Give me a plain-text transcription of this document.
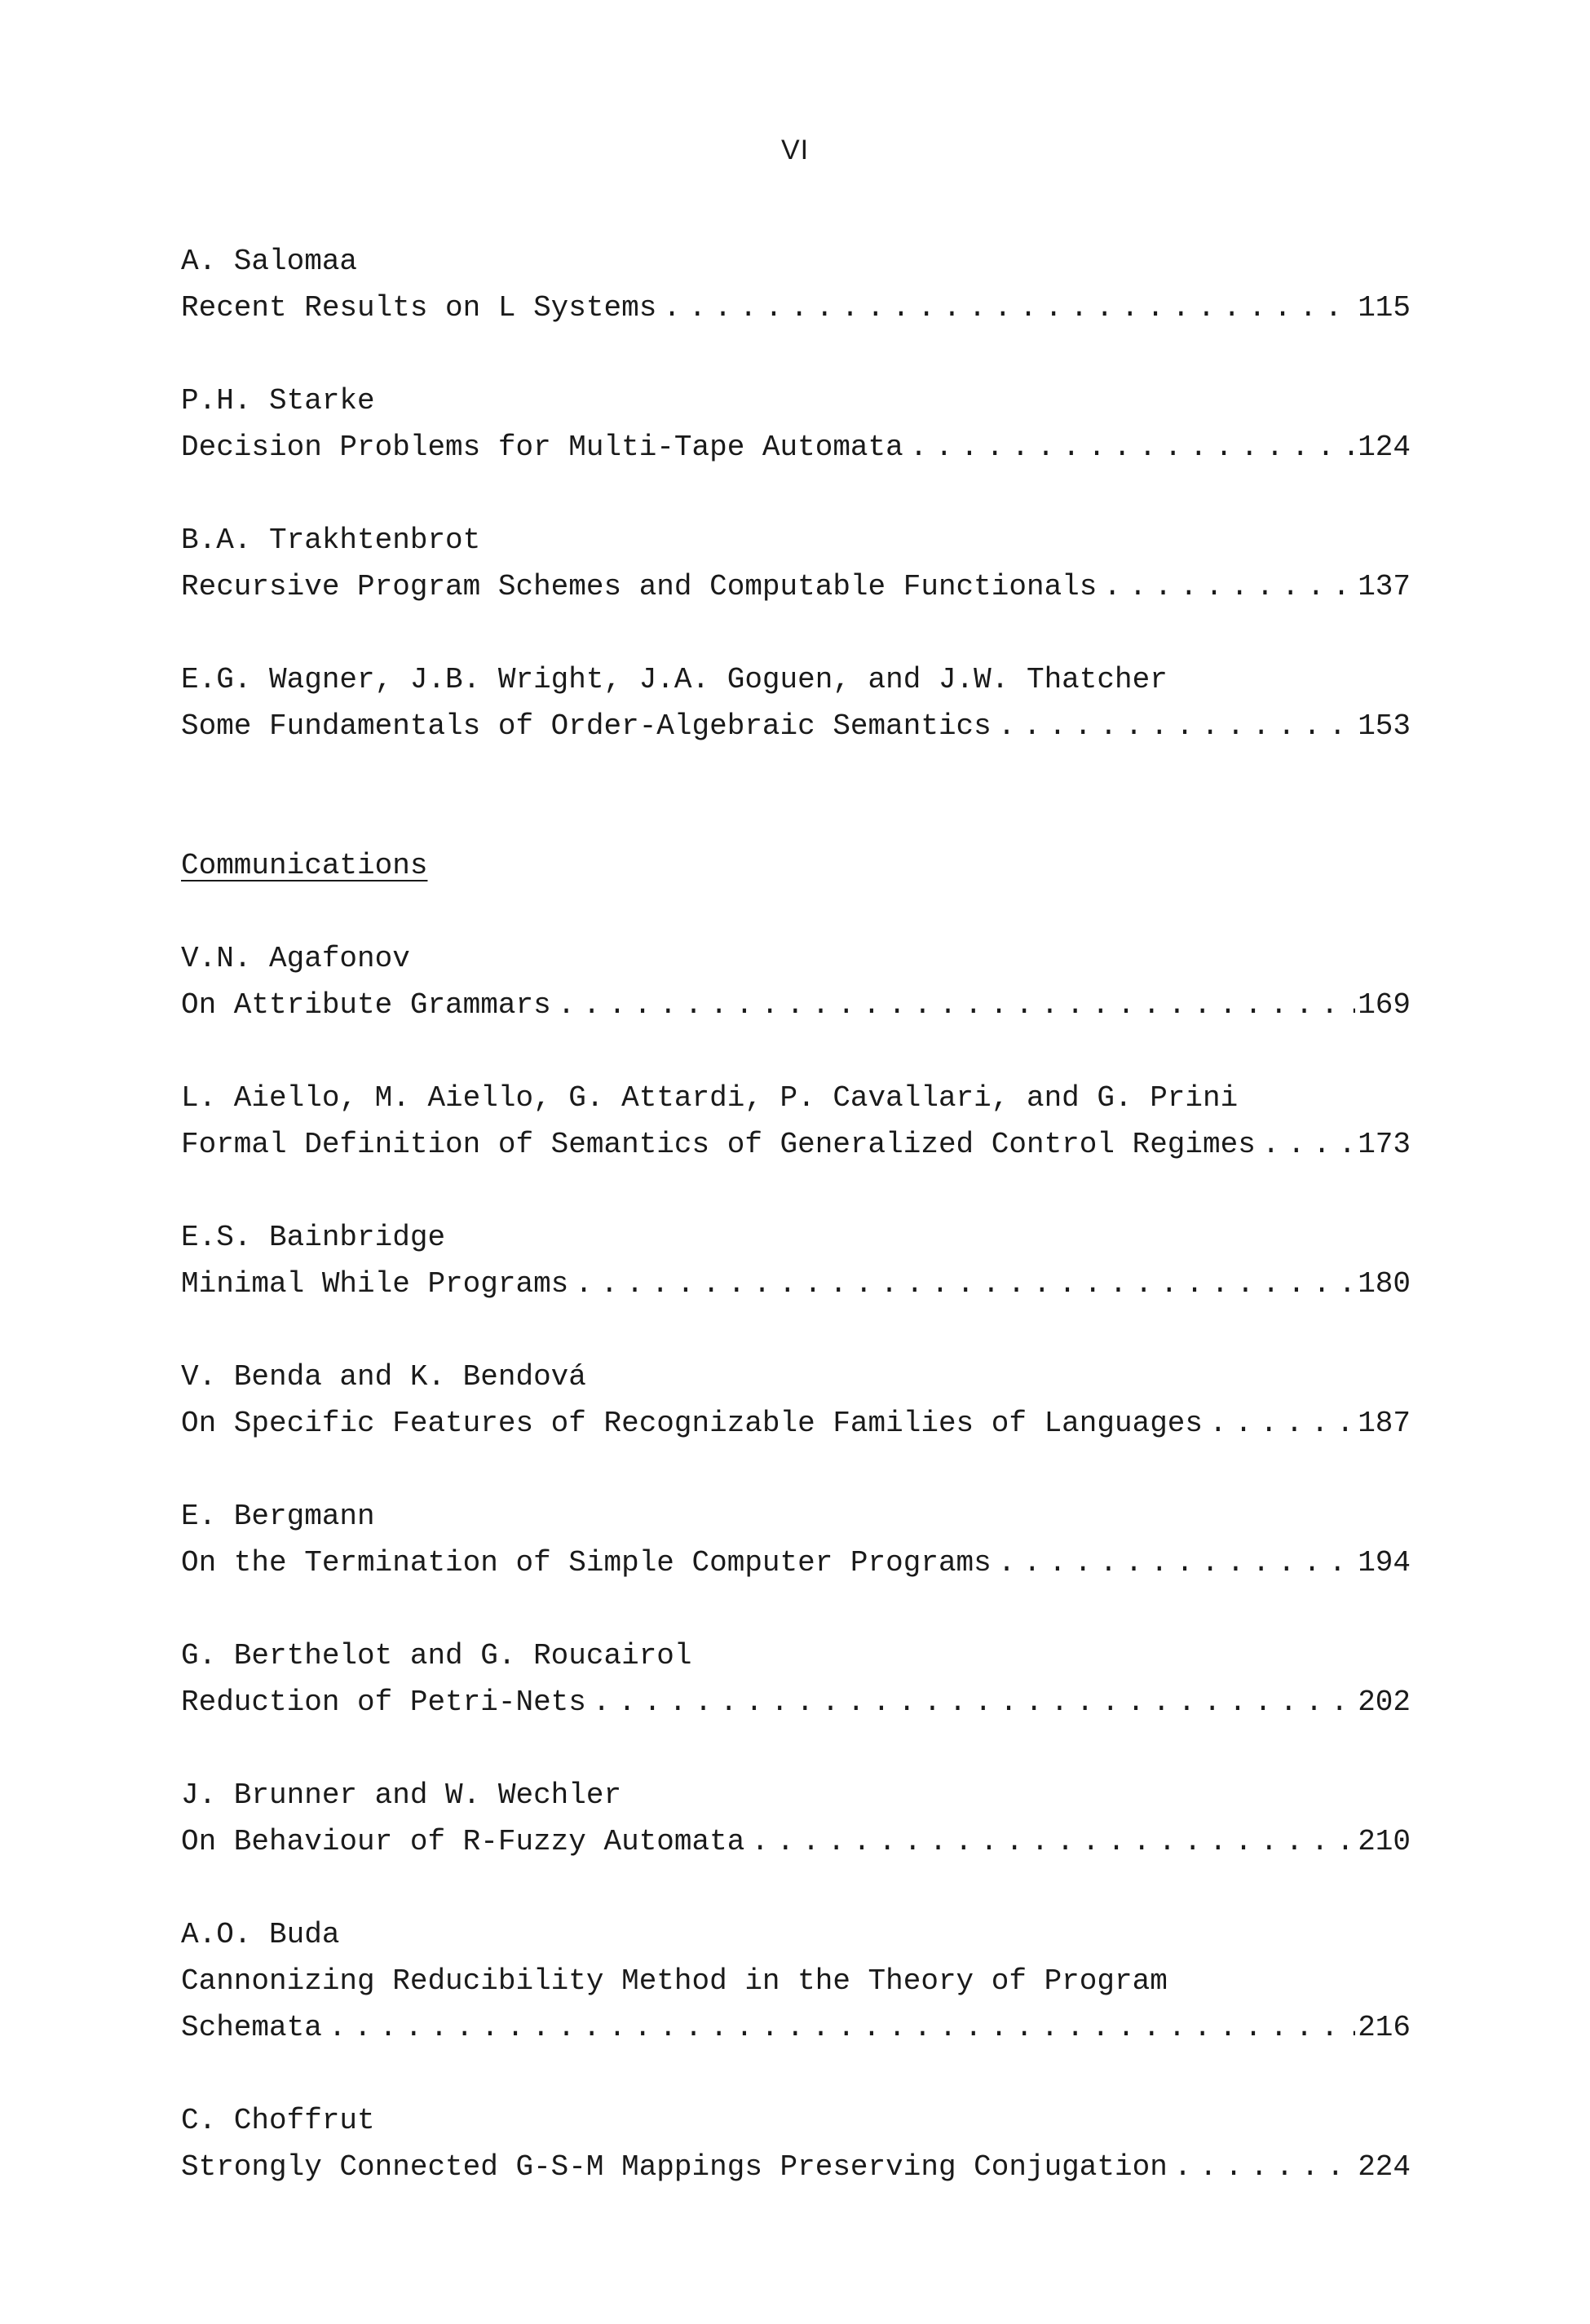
VI
A. Salomaa
Recent Results on L Systems . . .	115
P.H. Starke
Decision Problems for Multi-Tape Automata . . .	124
B.A. Trakhtenbrot
Recursive Program Schemes and Computable Functionals . . .	137
E.G. Wagner, J.B. Wright, J.A. Goguen, and J.W. Thatcher
Some Fundamentals of Order-Algebraic Semantics . . .	153
Communications
V.N. Agafonov
On Attribute Grammars . . .	169
L. Aiello, M. Aiello, G. Attardi, P. Cavallari, and G. Prini
Formal Definition of Semantics of Generalized Control Regimes . . .	173
E.S. Bainbridge
Minimal While Programs . . .	180
V. Benda and K. Bendová
On Specific Features of Recognizable Families of Languages . . .	187
E. Bergmann
On the Termination of Simple Computer Programs . . .	194
G. Berthelot and G. Roucairol
Reduction of Petri-Nets . . .	202
J. Brunner and W. Wechler
On Behaviour of R-Fuzzy Automata . . .	210
A.O. Buda
Cannonizing Reducibility Method in the Theory of Program
Schemata . . .	216
C. Choffrut
Strongly Connected G-S-M Mappings Preserving Conjugation . . .	224
